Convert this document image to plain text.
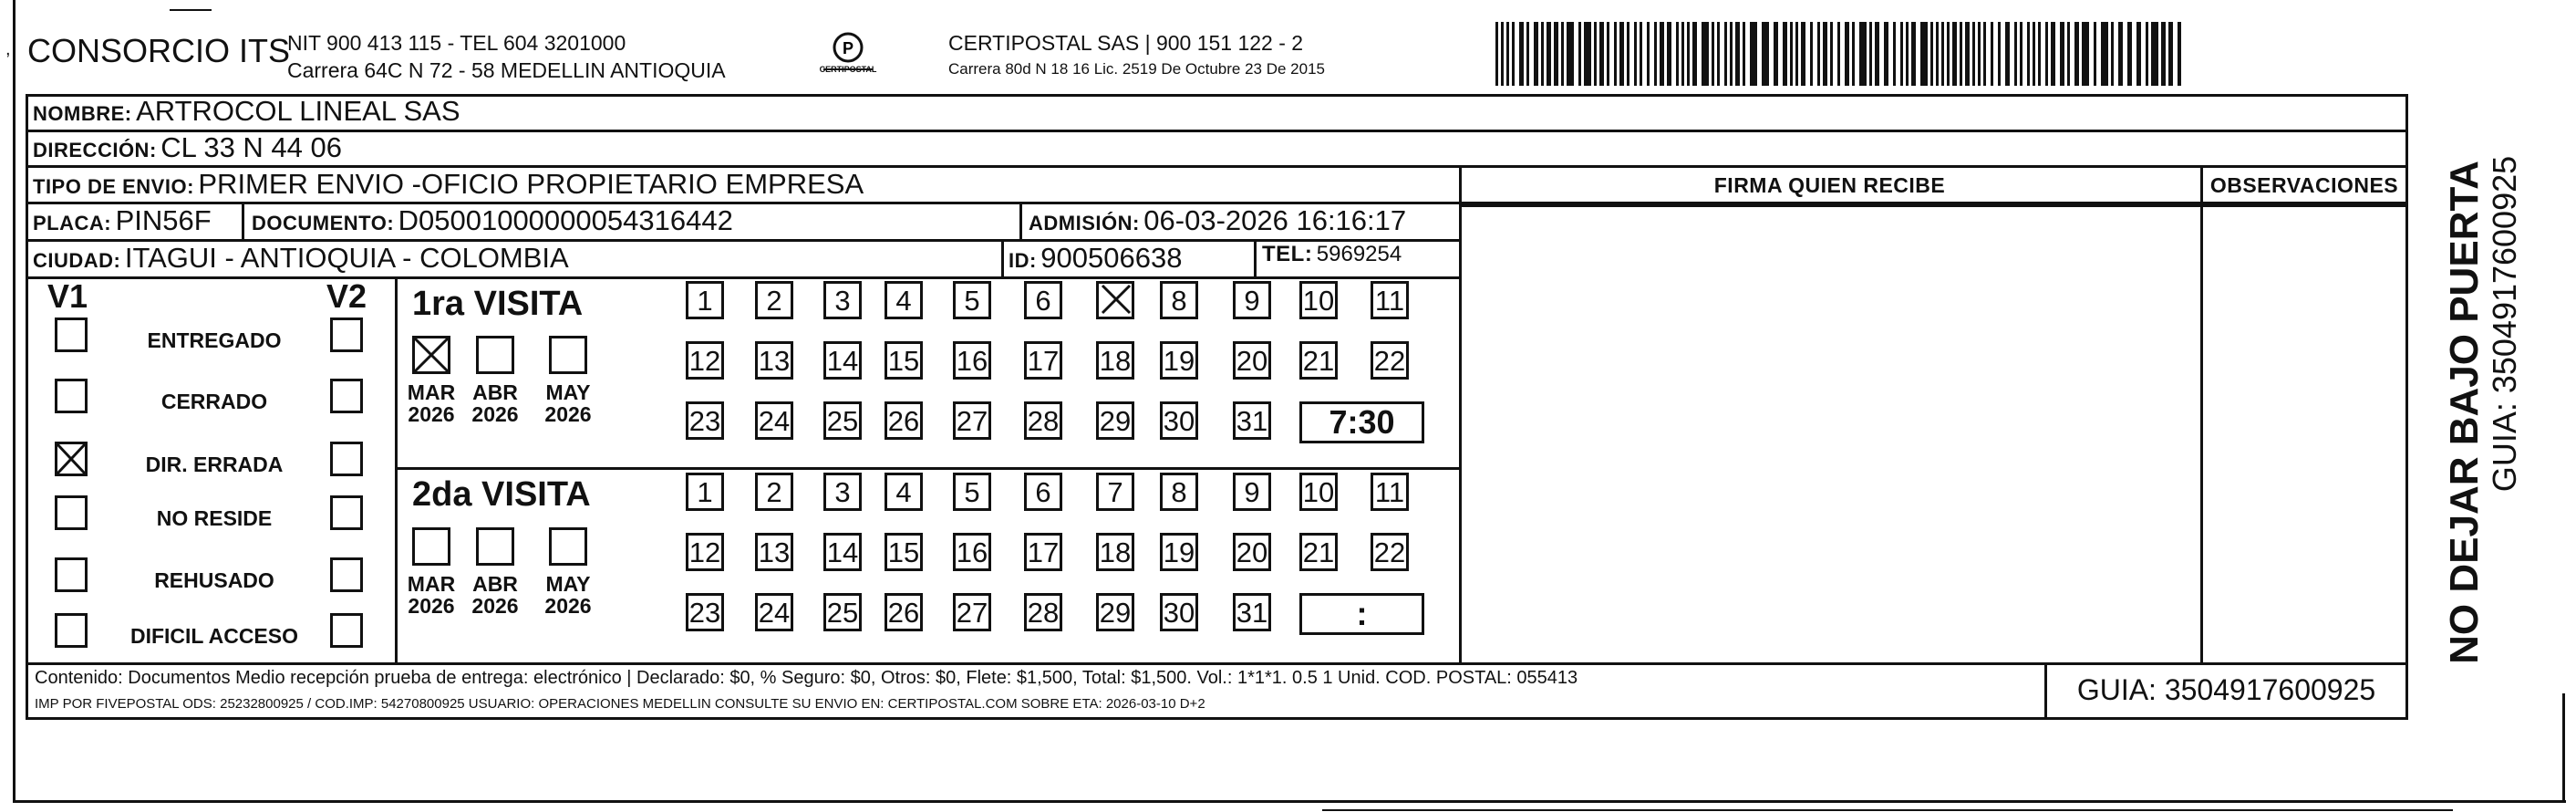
, CONSORCIO ITS
NIT 900 413 115 - TEL 604 3201000
Carrera 64C N 72 - 58 MEDELLIN ANTIOQUIA
P
CERTIPOSTAL
CERTIPOSTAL SAS | 900 151 122 - 2
Carrera 80d N 18 16 Lic. 2519 De Octubre 23 De 2015
NOMBRE: ARTROCOL LINEAL SAS
DIRECCIÓN: CL 33 N 44 06
TIPO DE ENVIO: PRIMER ENVIO -OFICIO PROPIETARIO EMPRESA
PLACA: PIN56F DOCUMENTO: D05001000000054316442	ADMISIÓN: 06-03-2026 16:16:17
CIUDAD: ITAGUI - ANTIOQUIA - COLOMBIA	ID: 900506638	TEL: 5969254
FIRMA QUIEN RECIBE	OBSERVACIONES
V1	V2
ENTREGADO
CERRADO
DIR. ERRADA
NO RESIDE
REHUSADO
DIFICIL ACCESO
1ra VISITA
2da VISITA
MAR
2026
ABR
2026
MAY
2026
1	2	3	4	5	6	8	9	10 11
12 13 14 15 16 17 18 19 20 21 22
23 24 25 26 27 28 29 30 31	7:30
MAR
2026
ABR
2026
MAY
2026
1	2	3	4	5	6	7	8	9	10 11
12 13 14 15 16 17 18 19 20 21 22
23 24 25 26 27 28 29 30 31	:
Contenido: Documentos Medio recepción prueba de entrega: electrónico | Declarado: $0, % Seguro: $0, Otros: $0, Flete: $1,500, Total: $1,500. Vol.: 1*1*1. 0.5 1 Unid. COD. POSTAL: 055413
IMP POR FIVEPOSTAL ODS: 25232800925 / COD.IMP: 54270800925 USUARIO: OPERACIONES MEDELLIN CONSULTE SU ENVIO EN: CERTIPOSTAL.COM SOBRE ETA: 2026-03-10 D+2	GUIA: 3504917600925
NO DEJAR BAJO PUERTA GUIA: 3504917600925
